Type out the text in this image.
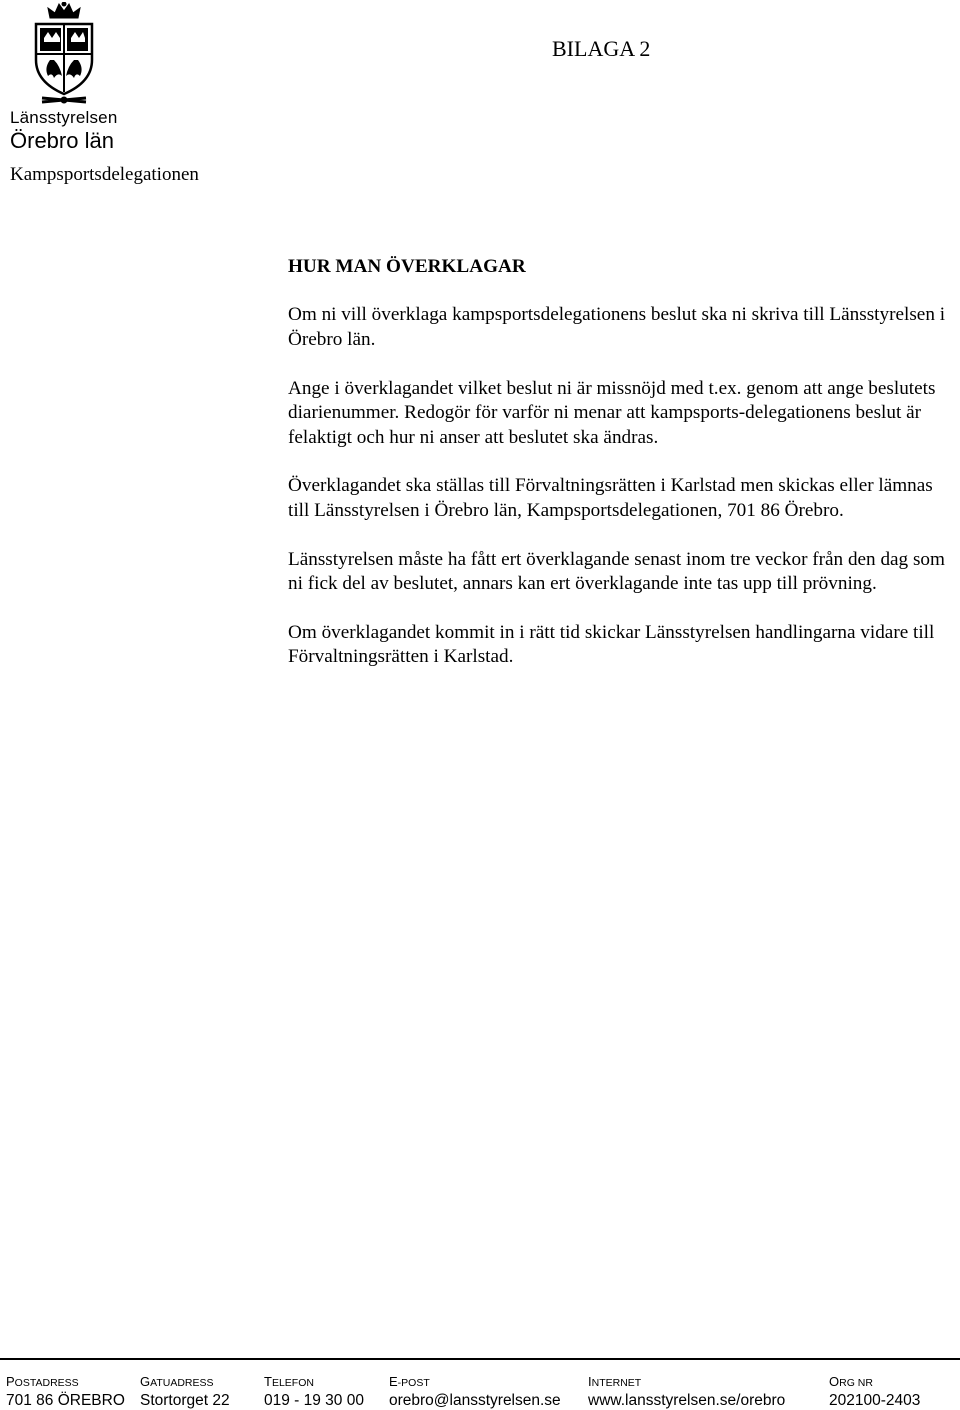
Länsstyrelsen
Örebro län
Kampsportsdelegationen
BILAGA 2
HUR MAN ÖVERKLAGAR

Om ni vill överklaga kampsportsdelegationens beslut ska ni skriva till Länsstyrelsen i Örebro län.

Ange i överklagandet vilket beslut ni är missnöjd med t.ex. genom att ange beslutets diarienummer. Redogör för varför ni menar att kampsports-delegationens beslut är felaktigt och hur ni anser att beslutet ska ändras.

Överklagandet ska ställas till Förvaltningsrätten i Karlstad men skickas eller lämnas till Länsstyrelsen i Örebro län, Kampsportsdelegationen, 701 86 Örebro.

Länsstyrelsen måste ha fått ert överklagande senast inom tre veckor från den dag som ni fick del av beslutet, annars kan ert överklagande inte tas upp till prövning.

Om överklagandet kommit in i rätt tid skickar Länsstyrelsen handlingarna vidare till Förvaltningsrätten i Karlstad.

POSTADRESS
701 86 ÖREBRO
GATUADRESS
Stortorget 22
TELEFON
019 - 19 30 00
E-POST
orebro@lansstyrelsen.se
INTERNET
www.lansstyrelsen.se/orebro
ORG NR
202100-2403
